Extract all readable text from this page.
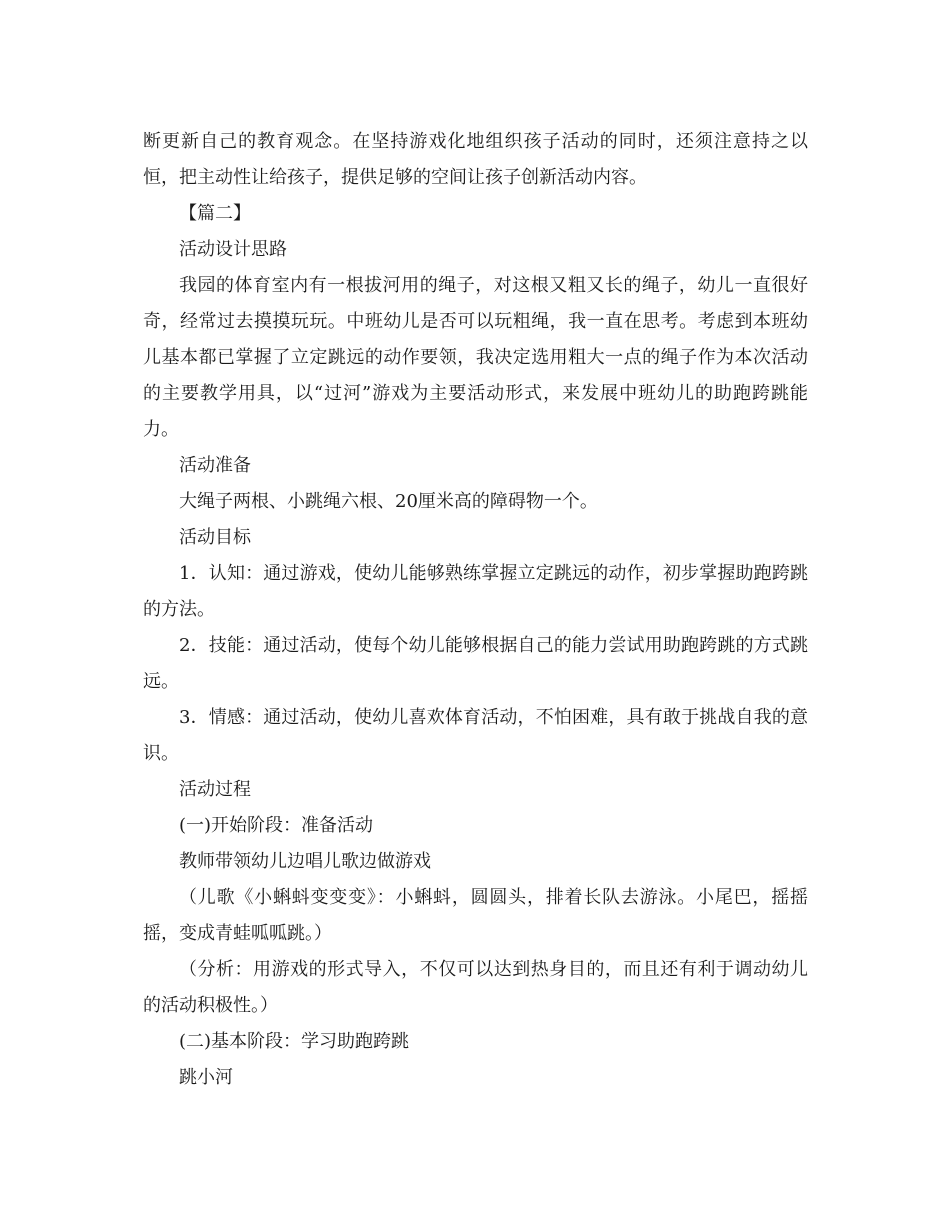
断更新自己的教育观念。在坚持游戏化地组织孩子活动的同时，还须注意持之以恒，把主动性让给孩子，提供足够的空间让孩子创新活动内容。

【篇二】

活动设计思路

我园的体育室内有一根拔河用的绳子，对这根又粗又长的绳子，幼儿一直很好奇，经常过去摸摸玩玩。中班幼儿是否可以玩粗绳，我一直在思考。考虑到本班幼儿基本都已掌握了立定跳远的动作要领，我决定选用粗大一点的绳子作为本次活动的主要教学用具，以“过河”游戏为主要活动形式，来发展中班幼儿的助跑跨跳能力。

活动准备

大绳子两根、小跳绳六根、20厘米高的障碍物一个。

活动目标

1．认知：通过游戏，使幼儿能够熟练掌握立定跳远的动作，初步掌握助跑跨跳的方法。

2．技能：通过活动，使每个幼儿能够根据自己的能力尝试用助跑跨跳的方式跳远。

3．情感：通过活动，使幼儿喜欢体育活动，不怕困难，具有敢于挑战自我的意识。

活动过程

(一)开始阶段：准备活动

教师带领幼儿边唱儿歌边做游戏

（儿歌《小蝌蚪变变变》：小蝌蚪，圆圆头，排着长队去游泳。小尾巴，摇摇摇，变成青蛙呱呱跳。）

（分析：用游戏的形式导入，不仅可以达到热身目的，而且还有利于调动幼儿的活动积极性。）

(二)基本阶段：学习助跑跨跳

跳小河
